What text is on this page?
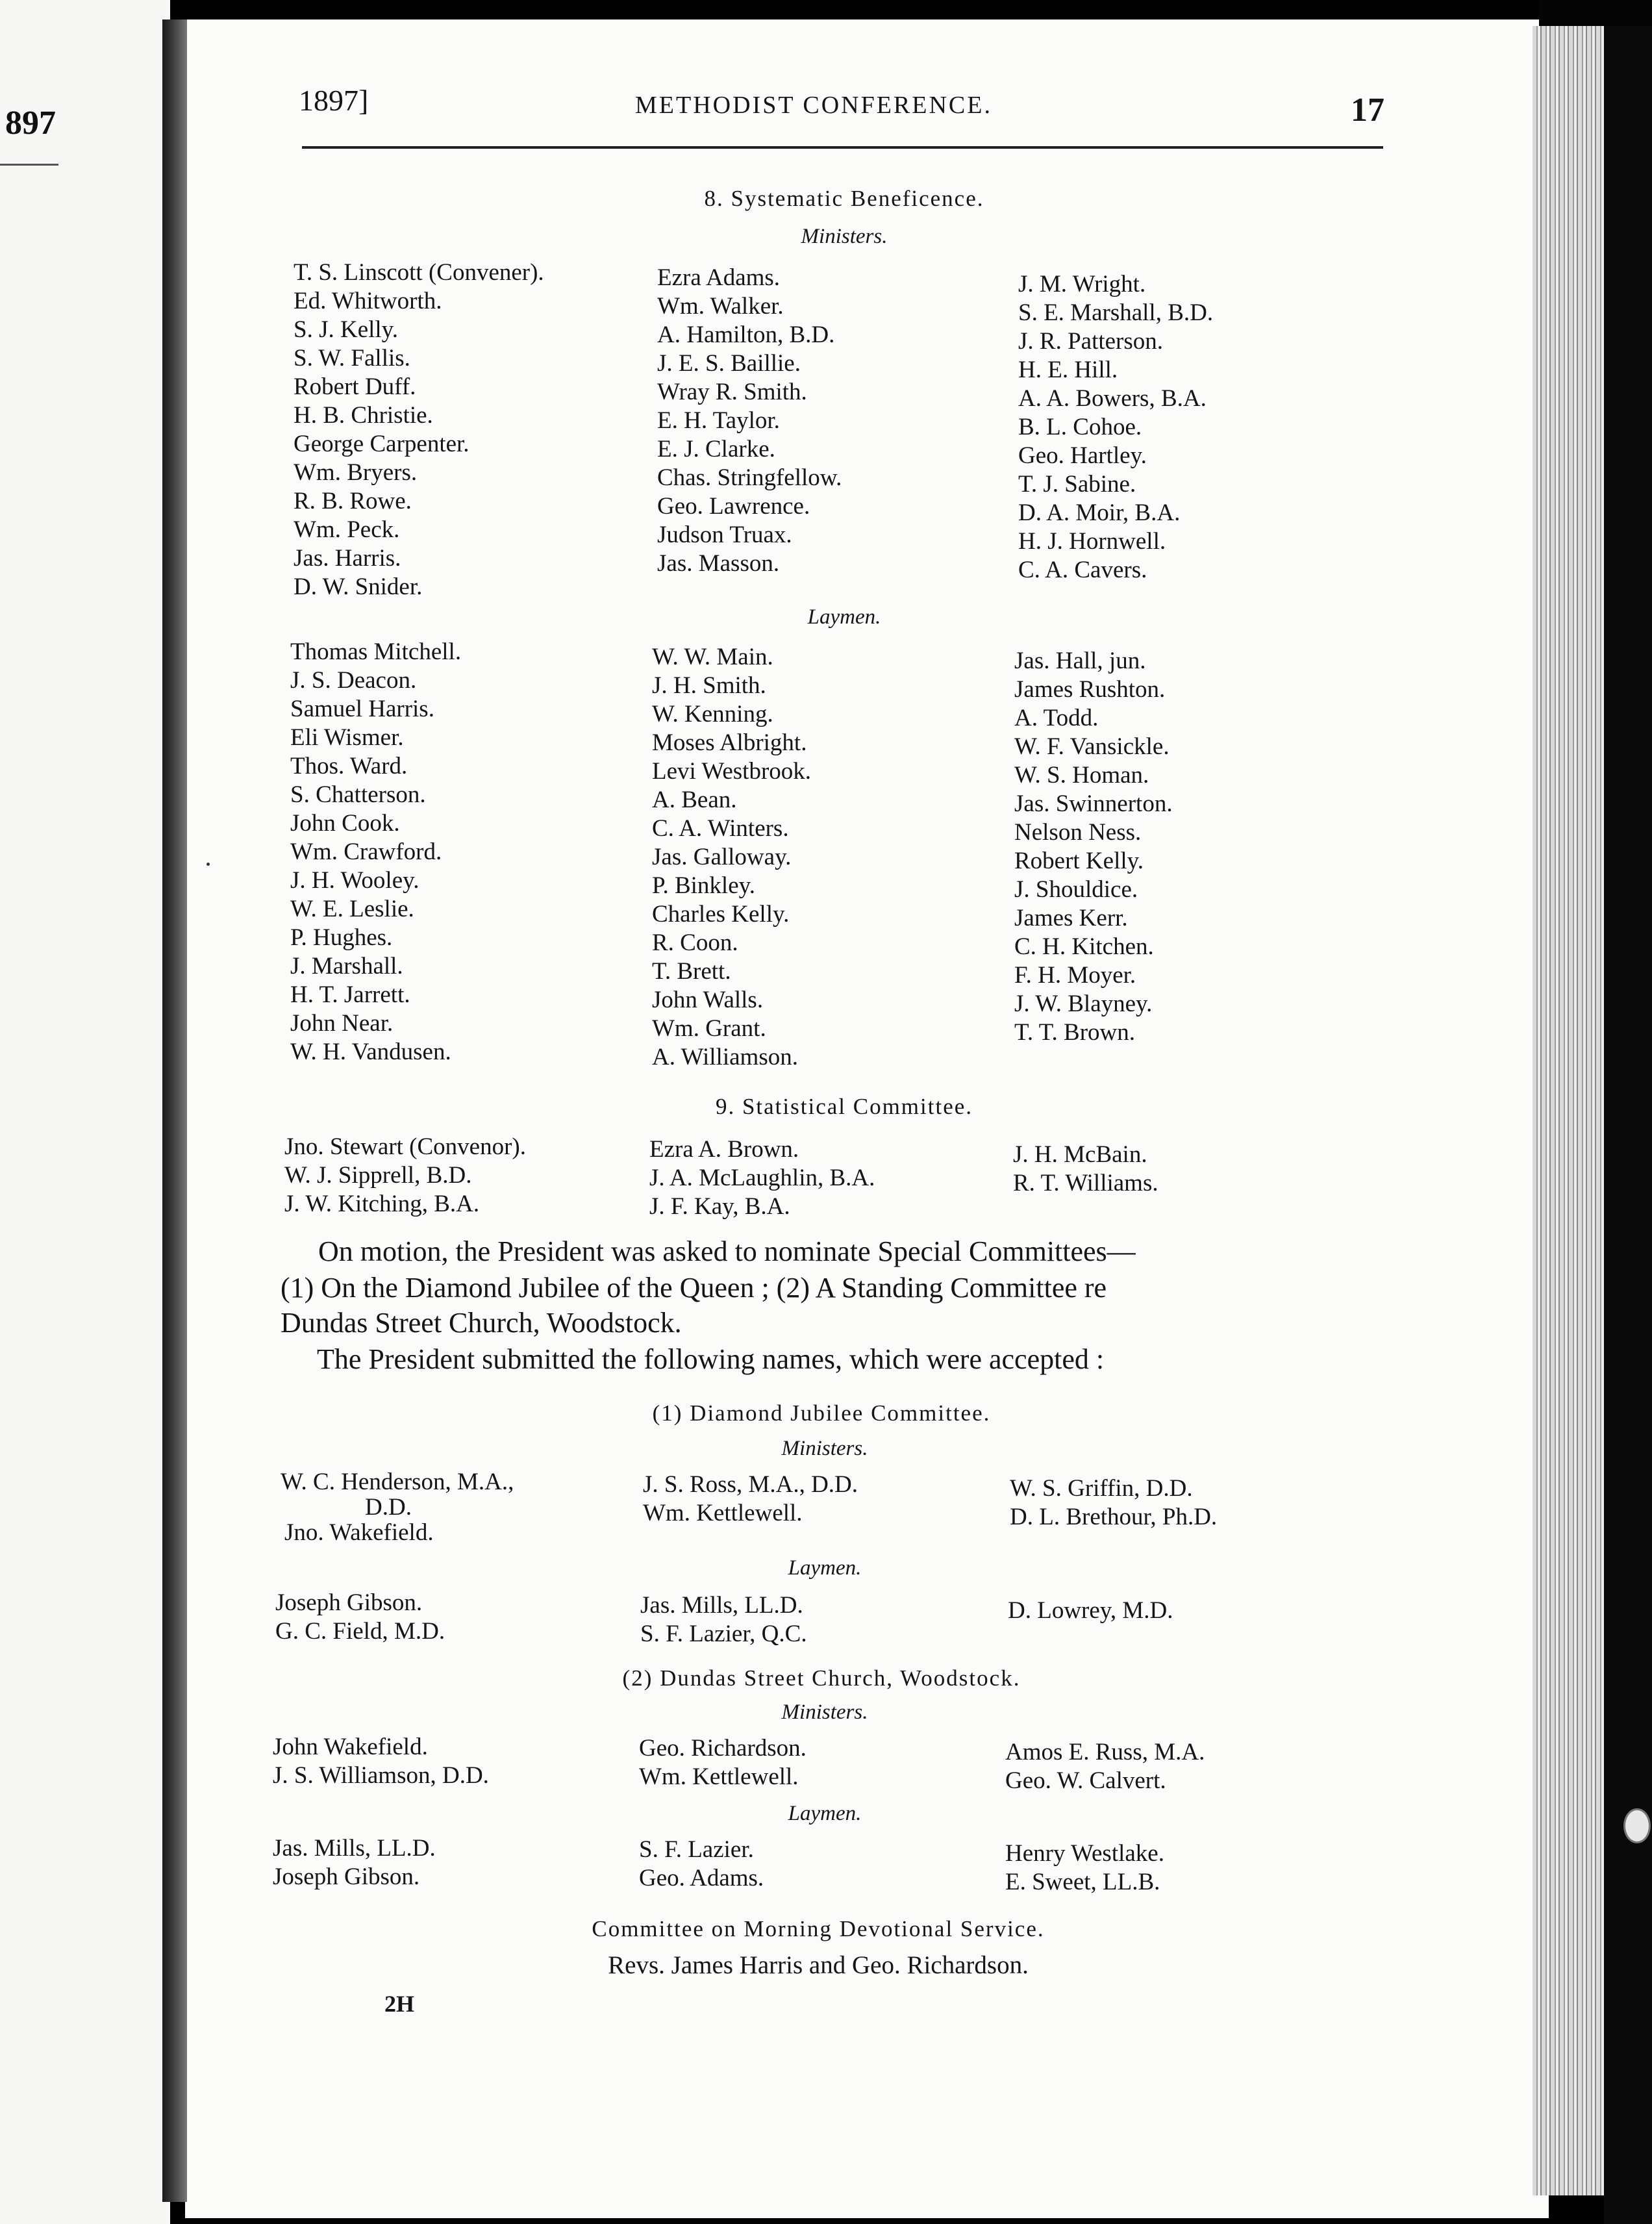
897
1897]	METHODIST CONFERENCE.	17
8. Systematic Beneficence.
Ministers.
T. S. Linscott (Convener).
Ed. Whitworth.
S. J. Kelly.
S. W. Fallis.
Robert Duff.
H. B. Christie.
George Carpenter.
Wm. Bryers.
R. B. Rowe.
Wm. Peck.
Jas. Harris.
D. W. Snider.
Ezra Adams.
Wm. Walker.
A. Hamilton, B.D.
J. E. S. Baillie.
Wray R. Smith.
E. H. Taylor.
E. J. Clarke.
Chas. Stringfellow.
Geo. Lawrence.
Judson Truax.
Jas. Masson.
J. M. Wright.
S. E. Marshall, B.D.
J. R. Patterson.
H. E. Hill.
A. A. Bowers, B.A.
B. L. Cohoe.
Geo. Hartley.
T. J. Sabine.
D. A. Moir, B.A.
H. J. Hornwell.
C. A. Cavers.
Laymen.
Thomas Mitchell.
J. S. Deacon.
Samuel Harris.
Eli Wismer.
Thos. Ward.
S. Chatterson.
John Cook.
Wm. Crawford.
J. H. Wooley.
W. E. Leslie.
P. Hughes.
J. Marshall.
H. T. Jarrett.
John Near.
W. H. Vandusen.
W. W. Main.
J. H. Smith.
W. Kenning.
Moses Albright.
Levi Westbrook.
A. Bean.
C. A. Winters.
Jas. Galloway.
P. Binkley.
Charles Kelly.
R. Coon.
T. Brett.
John Walls.
Wm. Grant.
A. Williamson.
Jas. Hall, jun.
James Rushton.
A. Todd.
W. F. Vansickle.
W. S. Homan.
Jas. Swinnerton.
Nelson Ness.
Robert Kelly.
J. Shouldice.
James Kerr.
C. H. Kitchen.
F. H. Moyer.
J. W. Blayney.
T. T. Brown.
9. Statistical Committee.
Jno. Stewart (Convenor).
W. J. Sipprell, B.D.
J. W. Kitching, B.A.
Ezra A. Brown.
J. A. McLaughlin, B.A.
J. F. Kay, B.A.
J. H. McBain.
R. T. Williams.
On motion, the President was asked to nominate Special Committees—
(1) On the Diamond Jubilee of the Queen ; (2) A Standing Committee re
Dundas Street Church, Woodstock.
The President submitted the following names, which were accepted :
(1) Diamond Jubilee Committee.
Ministers.
W. C. Henderson, M.A.,
D.D.
Jno. Wakefield.
J. S. Ross, M.A., D.D.
Wm. Kettlewell.
W. S. Griffin, D.D.
D. L. Brethour, Ph.D.
Laymen.
Joseph Gibson.
G. C. Field, M.D.
Jas. Mills, LL.D.
S. F. Lazier, Q.C.
D. Lowrey, M.D.
(2) Dundas Street Church, Woodstock.
Ministers.
John Wakefield.
J. S. Williamson, D.D.
Geo. Richardson.
Wm. Kettlewell.
Amos E. Russ, M.A.
Geo. W. Calvert.
Laymen.
Jas. Mills, LL.D.
Joseph Gibson.
S. F. Lazier.
Geo. Adams.
Henry Westlake.
E. Sweet, LL.B.
Committee on Morning Devotional Service.
Revs. James Harris and Geo. Richardson.
2H
